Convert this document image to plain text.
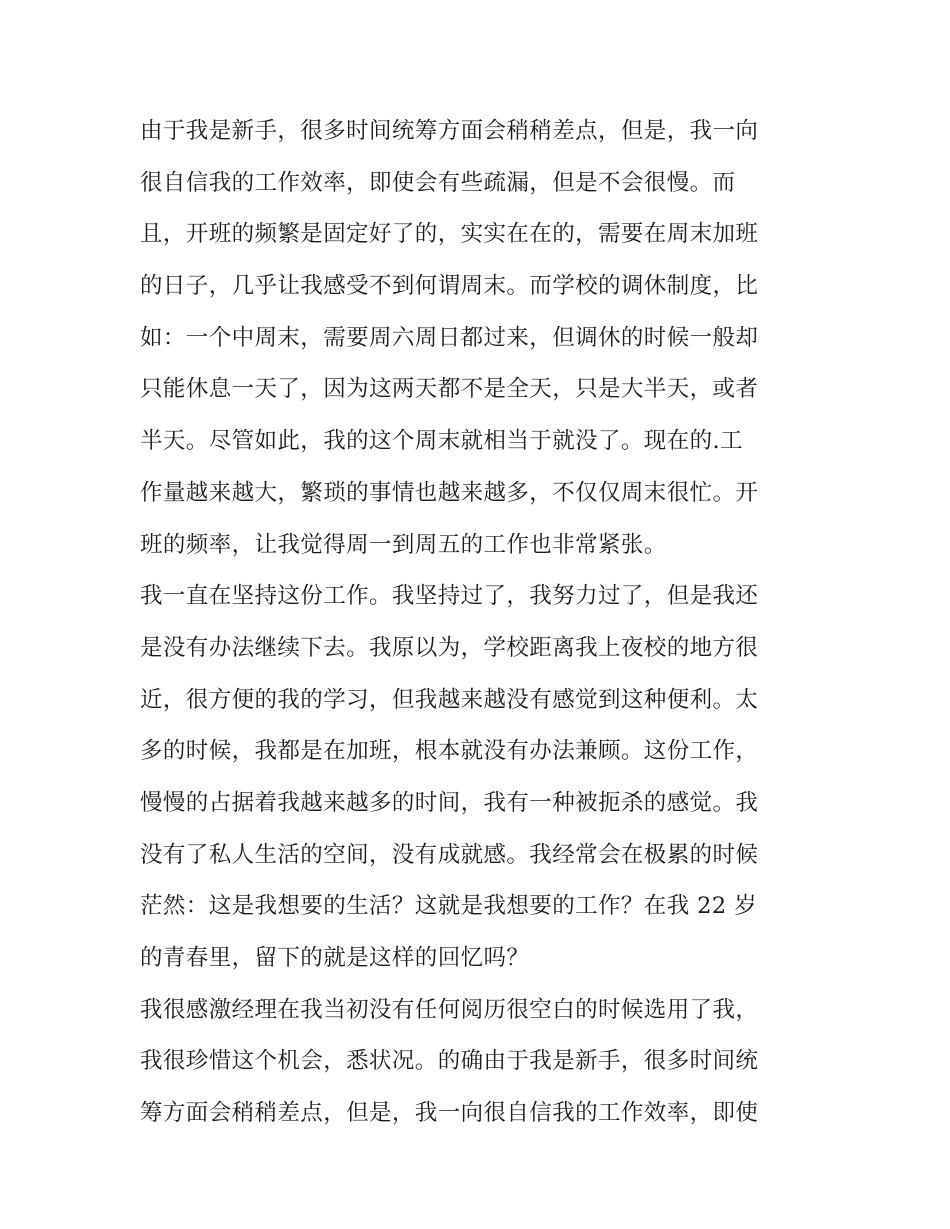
由于我是新手，很多时间统筹方面会稍稍差点，但是，我一向
很自信我的工作效率，即使会有些疏漏，但是不会很慢。而
且，开班的频繁是固定好了的，实实在在的，需要在周末加班
的日子，几乎让我感受不到何谓周末。而学校的调休制度，比
如：一个中周末，需要周六周日都过来，但调休的时候一般却
只能休息一天了，因为这两天都不是全天，只是大半天，或者
半天。尽管如此，我的这个周末就相当于就没了。现在的.工
作量越来越大，繁琐的事情也越来越多，不仅仅周末很忙。开
班的频率，让我觉得周一到周五的工作也非常紧张。
我一直在坚持这份工作。我坚持过了，我努力过了，但是我还
是没有办法继续下去。我原以为，学校距离我上夜校的地方很
近，很方便的我的学习，但我越来越没有感觉到这种便利。太
多的时候，我都是在加班，根本就没有办法兼顾。这份工作，
慢慢的占据着我越来越多的时间，我有一种被扼杀的感觉。我
没有了私人生活的空间，没有成就感。我经常会在极累的时候
茫然：这是我想要的生活？这就是我想要的工作？在我 22 岁
的青春里，留下的就是这样的回忆吗？
我很感激经理在我当初没有任何阅历很空白的时候选用了我，
我很珍惜这个机会，悉状况。的确由于我是新手，很多时间统
筹方面会稍稍差点，但是，我一向很自信我的工作效率，即使
